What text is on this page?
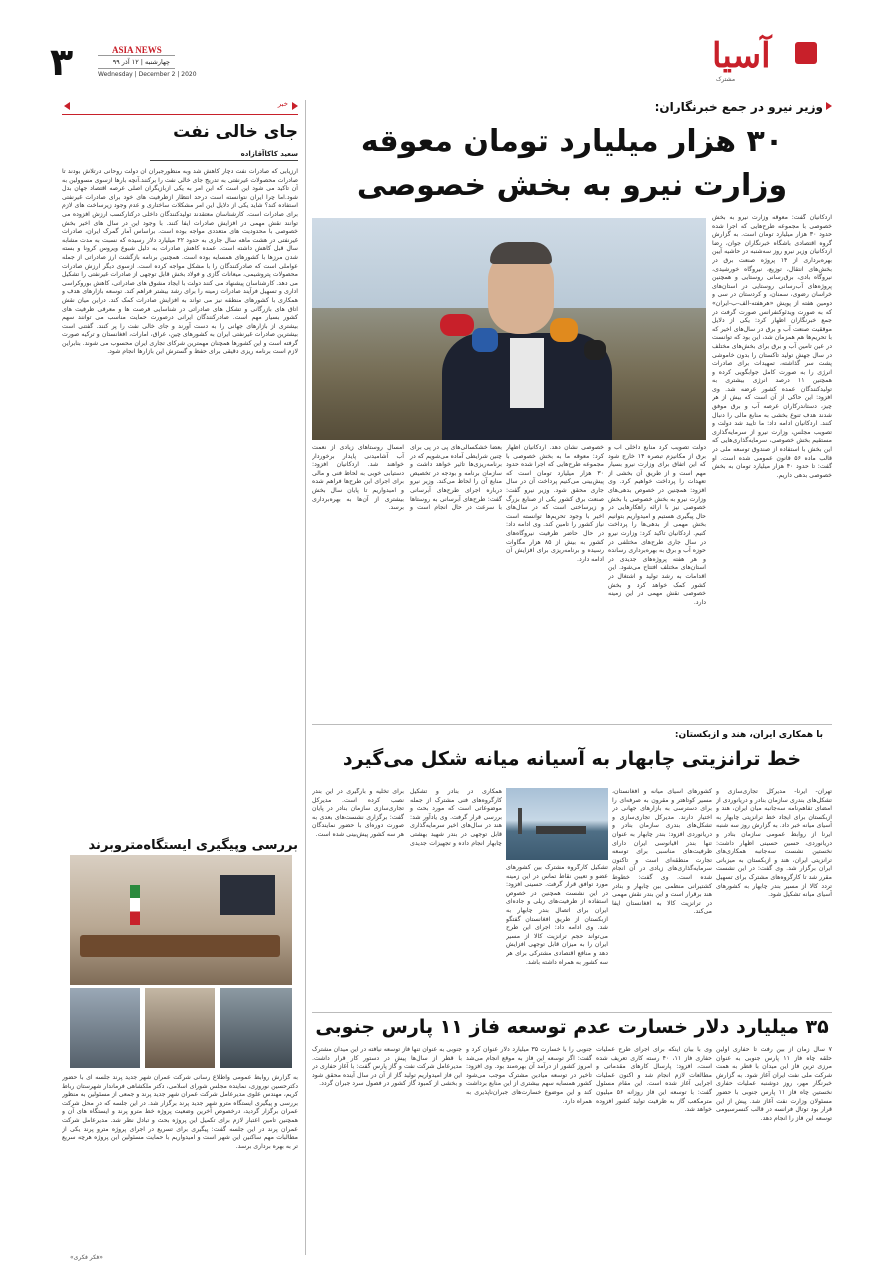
۳	ASIA NEWS
چهارشنبه | ۱۲ آذر ۹۹
Wednesday | December 2 | 2020	آسیا
مشترک
خبر
جای خالی نفت
سعید کاکاآقازاده
ارزیابی که صادرات نفت دچار کاهش شد وبه منظورجبران آن دولت روحانی درتلاش بودند تا صادرات محصولات غیرنفتی به تدریج جای خالی نفت را برکنند.آنچه بارها ازسوی مسوولین به آن تاکید می شود این است که این امر به یکی ازبازیگران اصلی عرصه اقتصاد جهان بدل شود.اما چرا ایران نتوانسته است درحد انتظار ازظرفیت های خود برای صادرات غیرنفتی استفاده کند؟ شاید یکی از دلایل این امر مشکلات ساختاری و عدم وجود زیرساخت های لازم برای صادرات است. کارشناسان معتقدند تولیدکنندگان داخلی درکنارکسب ارزش افزوده می توانند نقش مهمی در افزایش صادرات ایفا کنند. با وجود این در سال های اخیر بخش خصوصی با محدودیت های متعددی مواجه بوده است. براساس آمار گمرک ایران، صادرات غیرنفتی در هشت ماهه سال جاری به حدود ۲۲ میلیارد دلار رسیده که نسبت به مدت مشابه سال قبل کاهش داشته است. عمده کاهش صادرات به دلیل شیوع ویروس کرونا و بسته شدن مرزها با کشورهای همسایه بوده است. همچنین برنامه بازگشت ارز صادراتی از جمله عواملی است که صادرکنندگان را با مشکل مواجه کرده است. ازسوی دیگر ارزش صادرات محصولات پتروشیمی، میعانات گازی و فولاد بخش قابل توجهی از صادرات غیرنفتی را تشکیل می دهد. کارشناسان پیشنهاد می کنند دولت با ایجاد مشوق های صادراتی، کاهش بوروکراسی اداری و تسهیل فرآیند صادرات زمینه را برای رشد بیشتر فراهم کند. توسعه بازارهای هدف و همکاری با کشورهای منطقه نیز می تواند به افزایش صادرات کمک کند. دراین میان نقش اتاق های بازرگانی و تشکل های صادراتی در شناسایی فرصت ها و معرفی ظرفیت های کشور بسیار مهم است. صادرکنندگان ایرانی درصورت حمایت مناسب می توانند سهم بیشتری از بازارهای جهانی را به دست آورند و جای خالی نفت را پر کنند. گفتنی است بیشترین صادرات غیرنفتی ایران به کشورهای چین، عراق، امارات، افغانستان و ترکیه صورت گرفته است و این کشورها همچنان مهمترین شرکای تجاری ایران محسوب می شوند. بنابراین لازم است برنامه ریزی دقیقی برای حفظ و گسترش این بازارها انجام شود.
بررسی وپیگیری ایستگاه‌متروبرند
به گزارش روابط عمومی واطلاع رسانی شرکت عمران شهر جدید پرند جلسه ای با حضور دکترحسین نوروزی، نماینده مجلس شورای اسلامی، دکتر ملکشاهی فرماندار شهرستان رباط کریم، مهندس علوی مدیرعامل شرکت عمران شهر جدید پرند و جمعی از مسئولین به منظور بررسی و پیگیری ایستگاه مترو شهر جدید پرند برگزار شد. در این جلسه که در محل شرکت عمران برگزار گردید، درخصوص آخرین وضعیت پروژه خط مترو پرند و ایستگاه های آن و همچنین تامین اعتبار لازم برای تکمیل این پروژه بحث و تبادل نظر شد. مدیرعامل شرکت عمران پرند در این جلسه گفت: پیگیری برای تسریع در اجرای پروژه مترو پرند یکی از مطالبات مهم ساکنین این شهر است و امیدواریم با حمایت مسئولین این پروژه هرچه سریع تر به بهره برداری برسد.
وزیر نیرو در جمع خبرنگاران:
۳۰ هزار میلیارد تومان معوقه وزارت نیرو به بخش خصوصی
اردکانیان گفت: معوقه وزارت نیرو به بخش خصوصی با مجموعه طرح‌هایی که اجرا شده حدود ۳۰ هزار میلیارد تومان است. به گزارش گروه اقتصادی باشگاه خبرنگاران جوان، رضا اردکانیان وزیر نیرو روز سه‌شنبه در حاشیه آیین بهره‌برداری از ۱۴ پروژه صنعت برق در بخش‌های انتقال، توزیع، نیروگاه خورشیدی، نیروگاه بادی، برق‌رسانی روستایی و همچنین پروژه‌های آب‌رسانی روستایی در استان‌های خراسان رضوی، سمنان، و کردستان در سی و دومین هفته از پویش «هرهفته-الف-ب-ایران» که به صورت ویدئوکنفرانس صورت گرفت در جمع خبرنگاران اظهار کرد: یکی از دلایل موفقیت صنعت آب و برق در سال‌های اخیر که با تحریم‌ها هم همزمان شد، این بود که توانست در عین تامین آب و برق برای بخش‌های مختلف در سال جهش تولید تاکستان را بدون خاموشی پشت سر گذاشته، تمهیدات برای صادرات انرژی را به صورت کامل جوابگویی کرده و همچنین ۱۱ درصد انرژی بیشتری به تولیدکنندگان عمده کشور عرضه شد. وی افزود: این حاکی از آن است که بیش از هر چیز، دستاندرکاران عرصه آب و برق موفق شدند هدف تنوع بخشی به منابع مالی را دنبال کنند. اردکانیان ادامه داد: ما تایید شد دولت و تصویب مجلس، وزارت نیرو از سرمایه‌گذاری مستقیم بخش خصوصی، سرمایه‌گذاری‌هایی که این بخش با استفاده از صندوق توسعه ملی در قالب ماده ۵۶ قانون عمومی شده است. او گفت: تا حدود ۴۰ هزار میلیارد تومان به بخش خصوصی بدهی داریم.
دولت تصویب کرد منابع داخلی آب و برق از مکانیزم تبصره ۱۴ خارج شود که این اتفاق برای وزارت نیرو بسیار مهم است و از طریق آن بخشی از تعهدات را پرداخت خواهیم کرد. وی افزود: همچنین در خصوص بدهی‌های وزارت نیرو به بخش خصوصی یا بخش خصوصی نیز با ارائه راهکارهایی در حال پیگیری هستیم و امیدواریم بتوانیم بخش مهمی از بدهی‌ها را پرداخت کنیم. اردکانیان تاکید کرد: وزارت نیرو در سال جاری طرح‌های مختلفی در حوزه آب و برق به بهره‌برداری رسانده و هر هفته پروژه‌های جدیدی در استان‌های مختلف افتتاح می‌شود. این اقدامات به رشد تولید و اشتغال در کشور کمک خواهد کرد و بخش خصوصی نقش مهمی در این زمینه دارد.
خصوصی نشان دهد. اردکانیان اظهار کرد: معوقه ما به بخش خصوصی با مجموعه طرح‌هایی که اجرا شده حدود ۳۰ هزار میلیارد تومان است که پیش‌بینی می‌کنیم پرداخت آن در سال جاری محقق شود. وزیر نیرو گفت: صنعت برق کشور یکی از صنایع بزرگ و زیرساختی است که در سال‌های اخیر با وجود تحریم‌ها توانسته است نیاز کشور را تامین کند. وی ادامه داد: در حال حاضر ظرفیت نیروگاه‌های کشور به بیش از ۸۵ هزار مگاوات رسیده و برنامه‌ریزی برای افزایش آن ادامه دارد.
بعضا خشکسالی‌های پی در پی برای چنین شرایطی آماده می‌شویم که در برنامه‌ریزی‌ها تاثیر خواهد داشت و سازمان برنامه و بودجه در تخصیص منابع آن را لحاظ می‌کند. وزیر نیرو درباره اجرای طرح‌های آبرسانی گفت: طرح‌های آبرسانی به روستاها با سرعت در حال انجام است و امسال روستاهای زیادی از نعمت آب آشامیدنی پایدار برخوردار خواهند شد. اردکانیان افزود: دستیابی خوبی به لحاظ فنی و مالی برای اجرای این طرح‌ها فراهم شده و امیدواریم تا پایان سال بخش بیشتری از آن‌ها به بهره‌برداری برسد.
با همکاری ایران، هند و ازبکستان:
خط ترانزیتی چابهار به آسیانه میانه شکل می‌گیرد
تهران- ایرنا- مدیرکل تجاری‌سازی و تشکل‌های بندری سازمان بنادر و دریانوردی از امضای تفاهم‌نامه سه‌جانبه میان ایران، هند و ازبکستان برای ایجاد خط ترانزیتی چابهار به آسیای میانه خبر داد. به گزارش روز سه شنبه ایرنا از روابط عمومی سازمان بنادر و دریانوردی، حسین حسینی اظهار داشت: نخستین نشست سه‌جانبه همکاری‌های ترانزیتی ایران، هند و ازبکستان به میزبانی ایران برگزار شد. وی گفت: در این نشست مقرر شد تا کارگروه‌های مشترک برای تسهیل تردد کالا از مسیر بندر چابهار به کشورهای آسیای میانه تشکیل شود.
کشورهای آسیای میانه و افغانستان، مسیر کوتاهتر و مقرون به صرفه‌ای را برای دسترسی به بازارهای جهانی در اختیار دارند. مدیرکل تجاری‌سازی و تشکل‌های بندری سازمان بنادر و دریانوردی افزود: بندر چابهار به عنوان تنها بندر اقیانوسی ایران دارای ظرفیت‌های مناسبی برای توسعه تجارت منطقه‌ای است و تاکنون سرمایه‌گذاری‌های زیادی در آن انجام شده است. وی گفت: خطوط کشتیرانی منظمی بین چابهار و بنادر هند برقرار است و این بندر نقش مهمی در ترانزیت کالا به افغانستان ایفا می‌کند.
تشکیل کارگروه مشترک بین کشورهای عضو و تعیین نقاط تماس در این زمینه مورد توافق قرار گرفت. حسینی افزود: در این نشست همچنین در خصوص استفاده از ظرفیت‌های ریلی و جاده‌ای ایران برای اتصال بندر چابهار به ازبکستان از طریق افغانستان گفتگو شد. وی ادامه داد: اجرای این طرح می‌تواند حجم ترانزیت کالا از مسیر ایران را به میزان قابل توجهی افزایش دهد و منافع اقتصادی مشترکی برای هر سه کشور به همراه داشته باشد.
همکاری در بنادر و تشکیل کارگروه‌های فنی مشترک از جمله موضوعاتی است که مورد بحث و بررسی قرار گرفت. وی یادآور شد: هند در سال‌های اخیر سرمایه‌گذاری قابل توجهی در بندر شهید بهشتی چابهار انجام داده و تجهیزات جدیدی برای تخلیه و بارگیری در این بندر نصب کرده است. مدیرکل تجاری‌سازی سازمان بنادر در پایان گفت: برگزاری نشست‌های بعدی به صورت دوره‌ای با حضور نمایندگان هر سه کشور پیش‌بینی شده است.
۳۵ میلیارد دلار خسارت عدم توسعه فاز ۱۱ پارس جنوبی
۷ سال زمان از بین رفت تا حفاری اولین حلقه چاه فاز ۱۱ پارس جنوبی به عنوان مرزی ترین فاز این میدان با قطر به همت شرکت ملی نفت ایران آغاز شود. به گزارش خبرنگار مهر، روز دوشنبه عملیات حفاری نخستین چاه فاز ۱۱ پارس جنوبی با حضور مسئولان وزارت نفت آغاز شد. پیش از این قرار بود توتال فرانسه در قالب کنسرسیومی توسعه این فاز را انجام دهد.
وی با بیان اینکه برای اجرای طرح عملیات حفاری فاز ۱۱، ۴۰ رسته کاری تعریف شده است، افزود: پارسال کارهای مقدماتی و مطالعات لازم انجام شد و اکنون عملیات اجرایی آغاز شده است. این مقام مسئول گفت: با توسعه این فاز روزانه ۵۶ میلیون مترمکعب گاز به ظرفیت تولید کشور افزوده خواهد شد.
جنوبی را با خسارت ۳۵ میلیارد دلار عنوان کرد و گفت: اگر توسعه این فاز به موقع انجام می‌شد امروز کشور از درآمد آن بهره‌مند بود. وی افزود: تاخیر در توسعه میادین مشترک موجب می‌شود کشور همسایه سهم بیشتری از این منابع برداشت کند و این موضوع خسارت‌های جبران‌ناپذیری به همراه دارد.
جنوبی به عنوان تنها فاز توسعه نیافته در این میدان مشترک با قطر از سال‌ها پیش در دستور کار قرار داشت. مدیرعامل شرکت نفت و گاز پارس گفت: با آغاز حفاری در این فاز امیدواریم تولید گاز از آن در سال آینده محقق شود و بخشی از کمبود گاز کشور در فصول سرد جبران گردد.
«فکر فکری»
